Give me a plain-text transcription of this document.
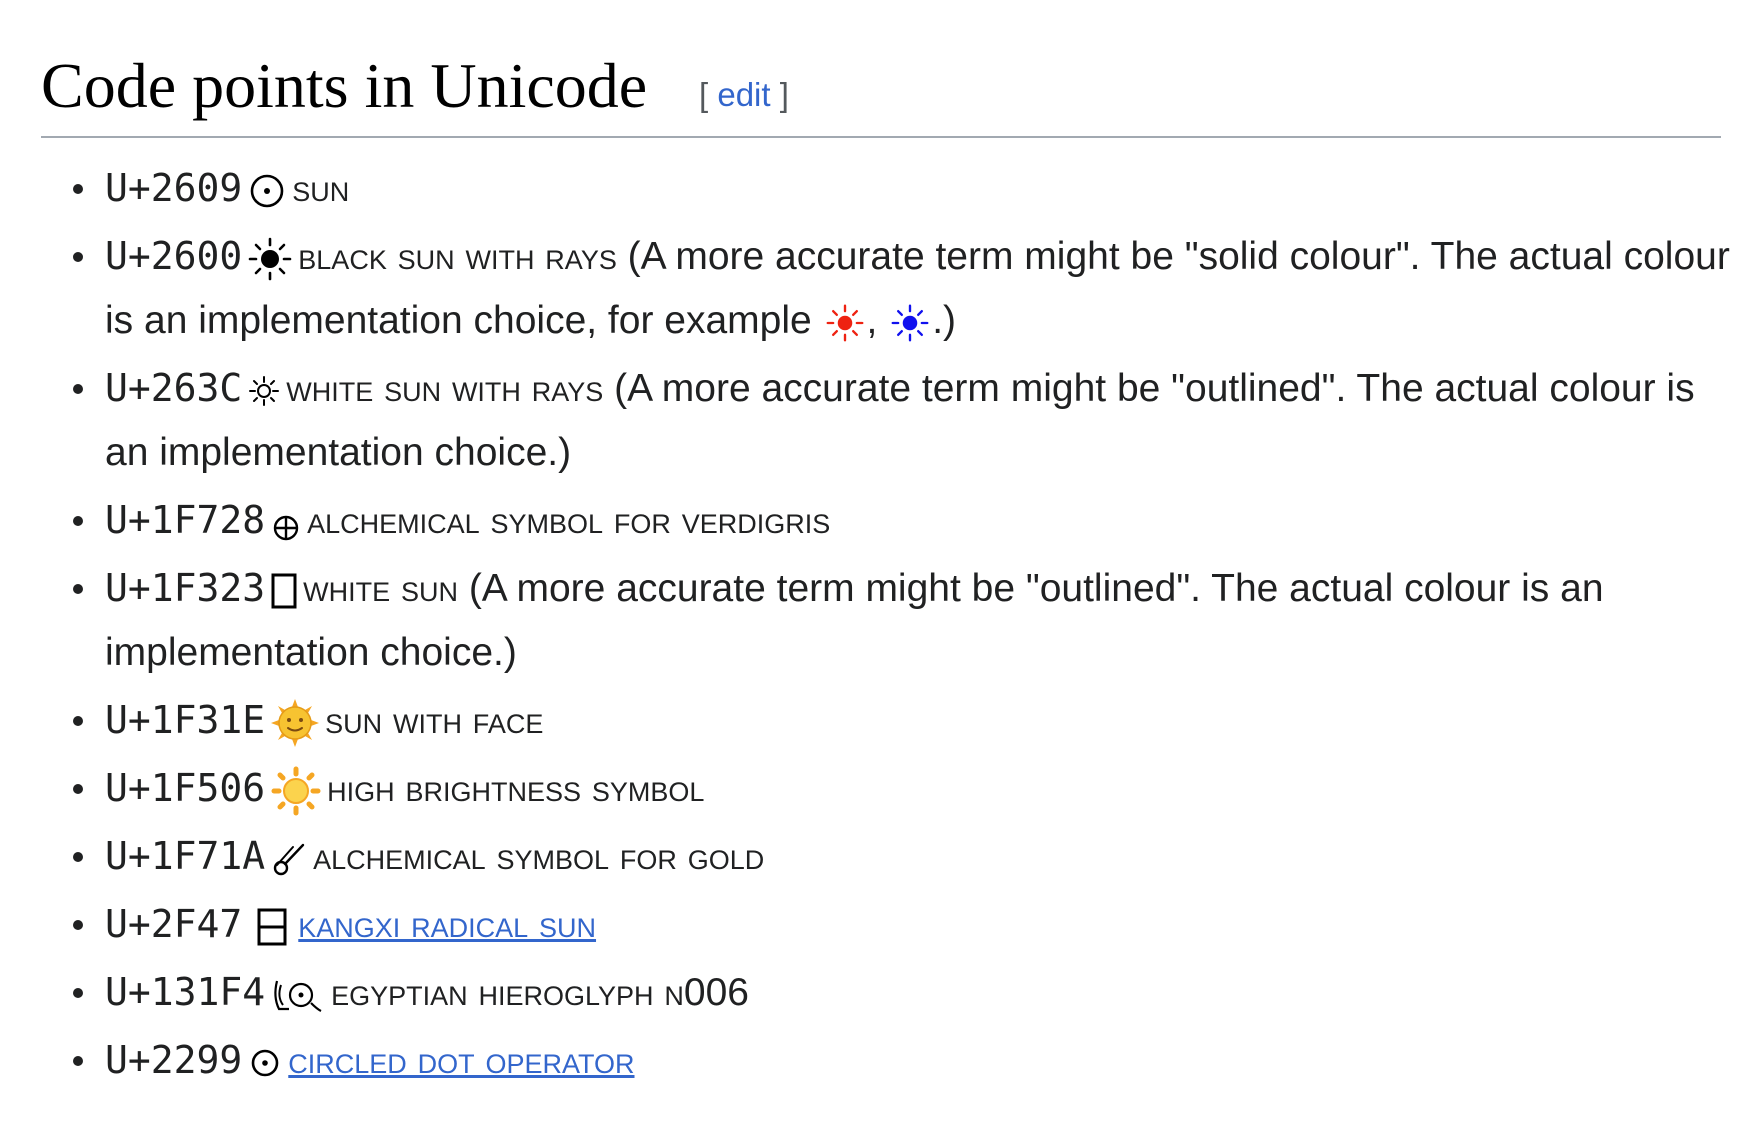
Code points in Unicode [ edit ]
U+2609 sun
U+2600 black sun with rays (A more accurate term might be "solid colour". The actual colour is an implementation choice, for example , .)
U+263C white sun with rays (A more accurate term might be "outlined". The actual colour is an implementation choice.)
U+1F728 alchemical symbol for verdigris
U+1F323 white sun (A more accurate term might be "outlined". The actual colour is an implementation choice.)
U+1F31E sun with face
U+1F506 high brightness symbol
U+1F71A alchemical symbol for gold
U+2F47 kangxi radical sun
U+131F4 egyptian hieroglyph n006
U+2299 circled dot operator
